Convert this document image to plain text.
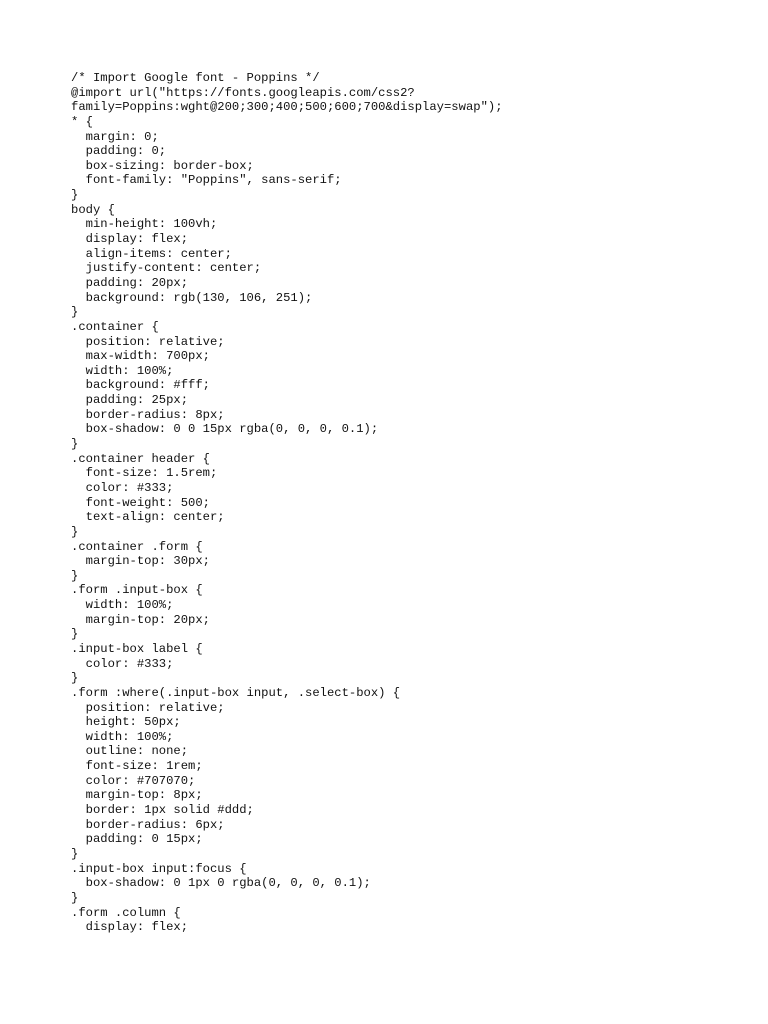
/* Import Google font - Poppins */
@import url("https://fonts.googleapis.com/css2?
family=Poppins:wght@200;300;400;500;600;700&display=swap");
* {
margin: 0;
padding: 0;
box-sizing: border-box;
font-family: "Poppins", sans-serif;
}
body {
min-height: 100vh;
display: flex;
align-items: center;
justify-content: center;
padding: 20px;
background: rgb(130, 106, 251);
}
.container {
position: relative;
max-width: 700px;
width: 100%;
background: #fff;
padding: 25px;
border-radius: 8px;
box-shadow: 0 0 15px rgba(0, 0, 0, 0.1);
}
.container header {
font-size: 1.5rem;
color: #333;
font-weight: 500;
text-align: center;
}
.container .form {
margin-top: 30px;
}
.form .input-box {
width: 100%;
margin-top: 20px;
}
.input-box label {
color: #333;
}
.form :where(.input-box input, .select-box) {
position: relative;
height: 50px;
width: 100%;
outline: none;
font-size: 1rem;
color: #707070;
margin-top: 8px;
border: 1px solid #ddd;
border-radius: 6px;
padding: 0 15px;
}
.input-box input:focus {
box-shadow: 0 1px 0 rgba(0, 0, 0, 0.1);
}
.form .column {
display: flex;
